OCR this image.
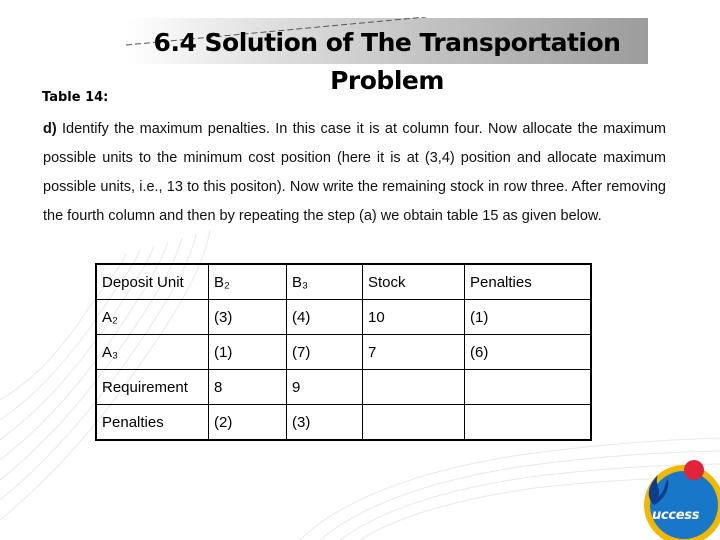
6.4 Solution of The Transportation Problem

Table 14:

d) Identify the maximum penalties. In this case it is at column four. Now allocate the maximum possible units to the minimum cost position (here it is at (3,4) position and allocate maximum possible units, i.e., 13 to this positon). Now write the remaining stock in row three. After removing the fourth column and then by repeating the step (a) we obtain table 15 as given below.

Deposit Unit	B₂	B₃	Stock	Penalties
A₂	(3)	(4)	10	(1)
A₃	(1)	(7)	7	(6)
Requirement	8	9		
Penalties	(2)	(3)		
uccess
